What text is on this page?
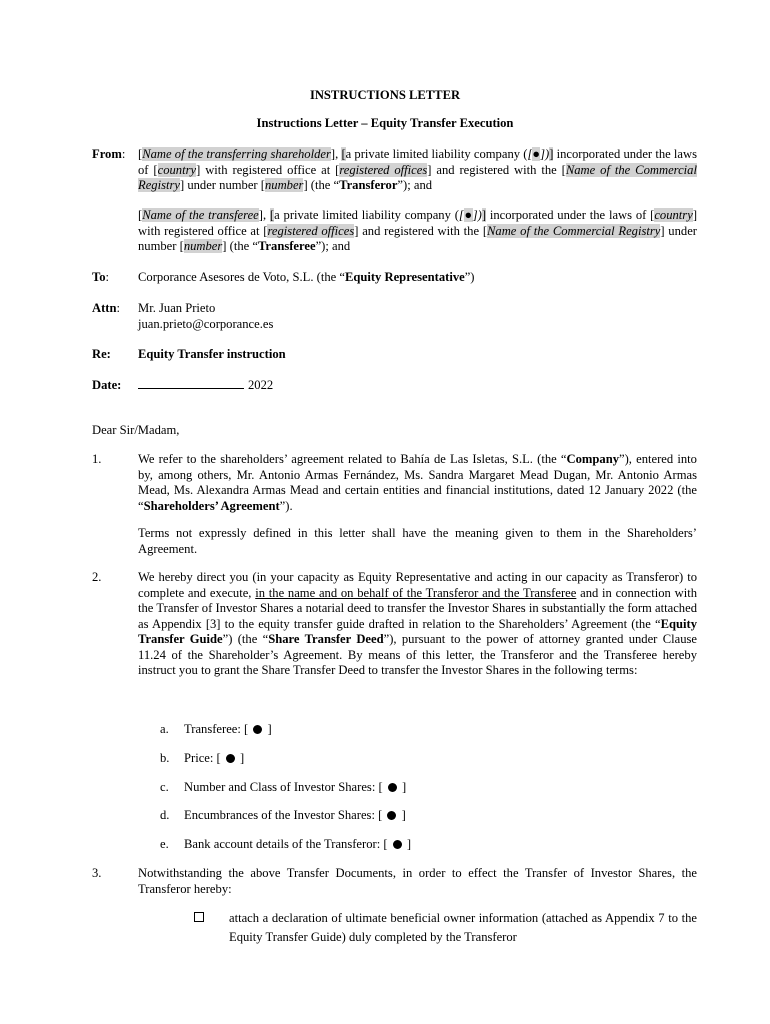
INSTRUCTIONS LETTER
Instructions Letter – Equity Transfer Execution
From: [Name of the transferring shareholder], [a private limited liability company ([●])] incorporated under the laws of [country] with registered office at [registered offices] and registered with the [Name of the Commercial Registry] under number [number] (the “Transferor”); and
[Name of the transferee], [a private limited liability company ([●])] incorporated under the laws of [country] with registered office at [registered offices] and registered with the [Name of the Commercial Registry] under number [number] (the “Transferee”); and
To: Corporance Asesores de Voto, S.L. (the “Equity Representative”)
Attn: Mr. Juan Prieto
juan.prieto@corporance.es
Re: Equity Transfer instruction
Date:	2022
Dear Sir/Madam,
1.	We refer to the shareholders’ agreement related to Bahía de Las Isletas, S.L. (the “Company”), entered into by, among others, Mr. Antonio Armas Fernández, Ms. Sandra Margaret Mead Dugan, Mr. Antonio Armas Mead, Ms. Alexandra Armas Mead and certain entities and financial institutions, dated 12 January 2022 (the “Shareholders’ Agreement”).
Terms not expressly defined in this letter shall have the meaning given to them in the Shareholders’ Agreement.
2.	We hereby direct you (in your capacity as Equity Representative and acting in our capacity as Transferor) to complete and execute, in the name and on behalf of the Transferor and the Transferee and in connection with the Transfer of Investor Shares a notarial deed to transfer the Investor Shares in substantially the form attached as Appendix [3] to the equity transfer guide drafted in relation to the Shareholders’ Agreement (the “Equity Transfer Guide”) (the “Share Transfer Deed”), pursuant to the power of attorney granted under Clause 11.24 of the Shareholder’s Agreement. By means of this letter, the Transferor and the Transferee hereby instruct you to grant the Share Transfer Deed to transfer the Investor Shares in the following terms:
a. Transferee: [  ]
b. Price: [  ]
c. Number and Class of Investor Shares: [  ]
d. Encumbrances of the Investor Shares: [  ]
e. Bank account details of the Transferor: [  ]
3.	Notwithstanding the above Transfer Documents, in order to effect the Transfer of Investor Shares, the Transferor hereby:
attach a declaration of ultimate beneficial owner information (attached as Appendix 7 to the Equity Transfer Guide) duly completed by the Transferor
